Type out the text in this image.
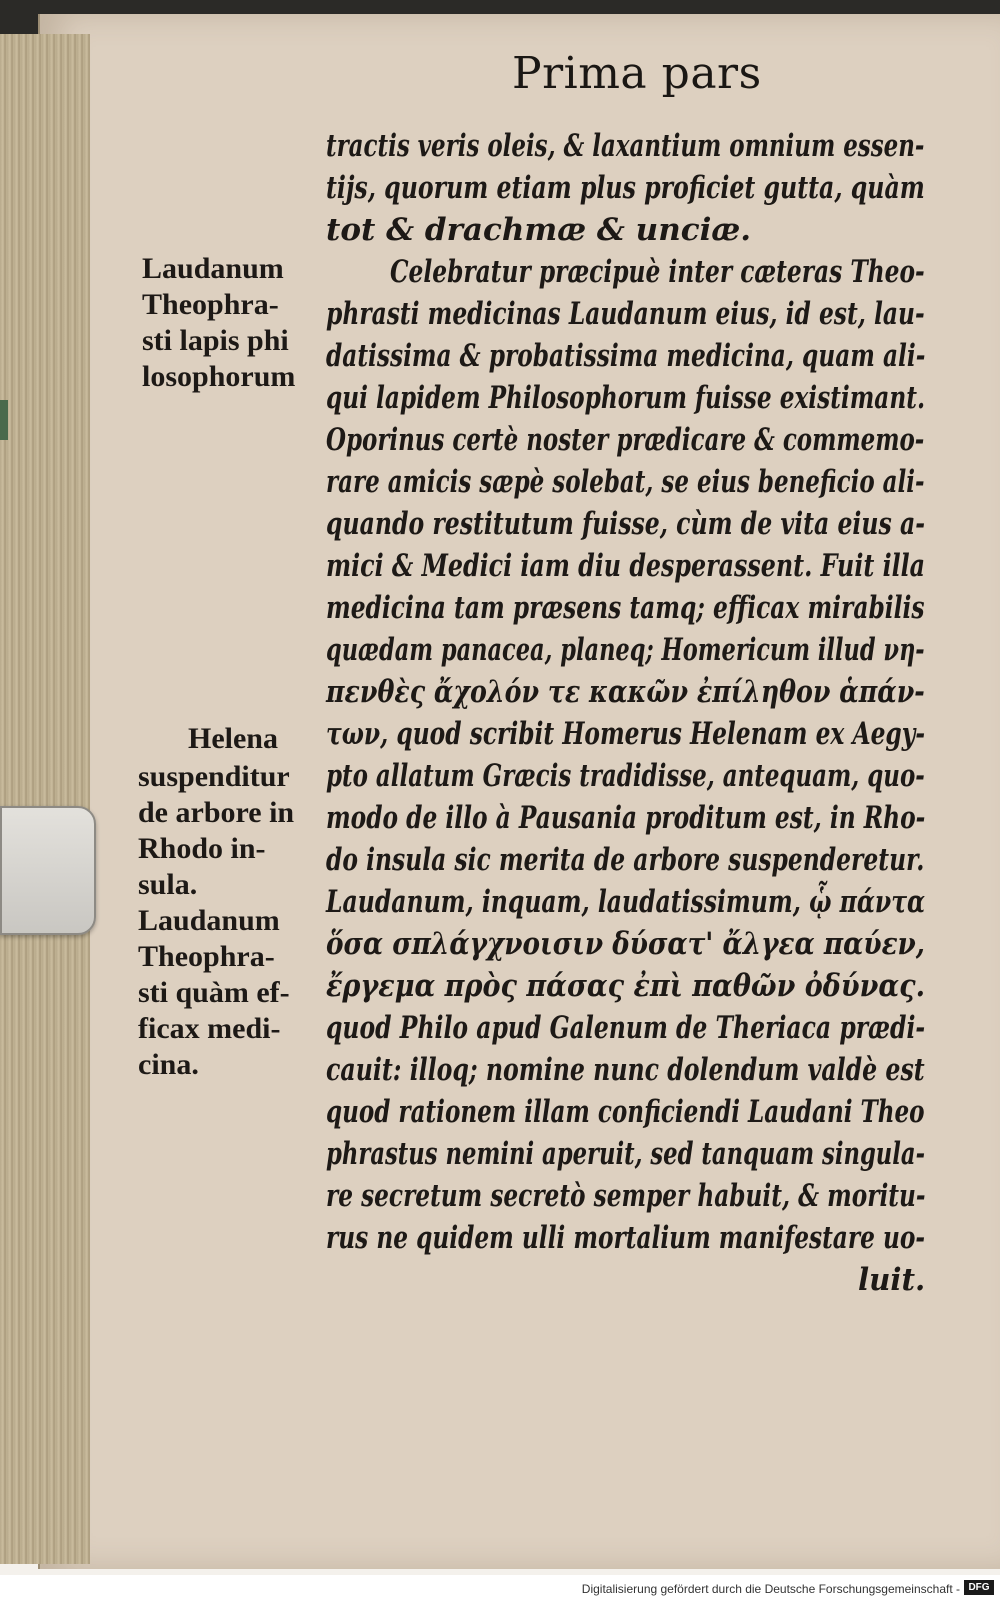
Prima pars
tractis veris oleis, & laxantium omnium essen-
tijs, quorum etiam plus proficiet gutta, quàm
tot & drachmæ & unciæ.
Celebratur præcipuè inter cæteras Theo-
phrasti medicinas Laudanum eius, id est, lau-
datissima & probatissima medicina, quam ali-
qui lapidem Philosophorum fuisse existimant.
Oporinus certè noster prædicare & commemo-
rare amicis sæpè solebat, se eius beneficio ali-
quando restitutum fuisse, cùm de vita eius a-
mici & Medici iam diu desperassent. Fuit illa
medicina tam præsens tamq; efficax mirabilis
quædam panacea, planeq; Homericum illud νη-
πενθὲς ἄχολόν τε κακῶν ἐπίληθον ἁπάν-
των, quod scribit Homerus Helenam ex Aegy-
pto allatum Græcis tradidisse, antequam, quo-
modo de illo à Pausania proditum est, in Rho-
do insula sic merita de arbore suspenderetur.
Laudanum, inquam, laudatissimum, ᾧ πάντα
ὅσα σπλάγχνοισιν δύσατ' ἄλγεα παύεν,
ἔργεμα πρὸς πάσας ἐπὶ παθῶν ὀδύνας.
quod Philo apud Galenum de Theriaca prædi-
cauit: illoq; nomine nunc dolendum valdè est
quod rationem illam conficiendi Laudani Theo
phrastus nemini aperuit, sed tanquam singula-
re secretum secretò semper habuit, & moritu-
rus ne quidem ulli mortalium manifestare uo-
luit.
Laudanum
Theophra-
sti lapis phi
losophorum
Helena
suspenditur
de arbore in
Rhodo in-
sula.
Laudanum
Theophra-
sti quàm ef-
ficax medi-
cina.
Digitalisierung gefördert durch die Deutsche Forschungsgemeinschaft - DFG
